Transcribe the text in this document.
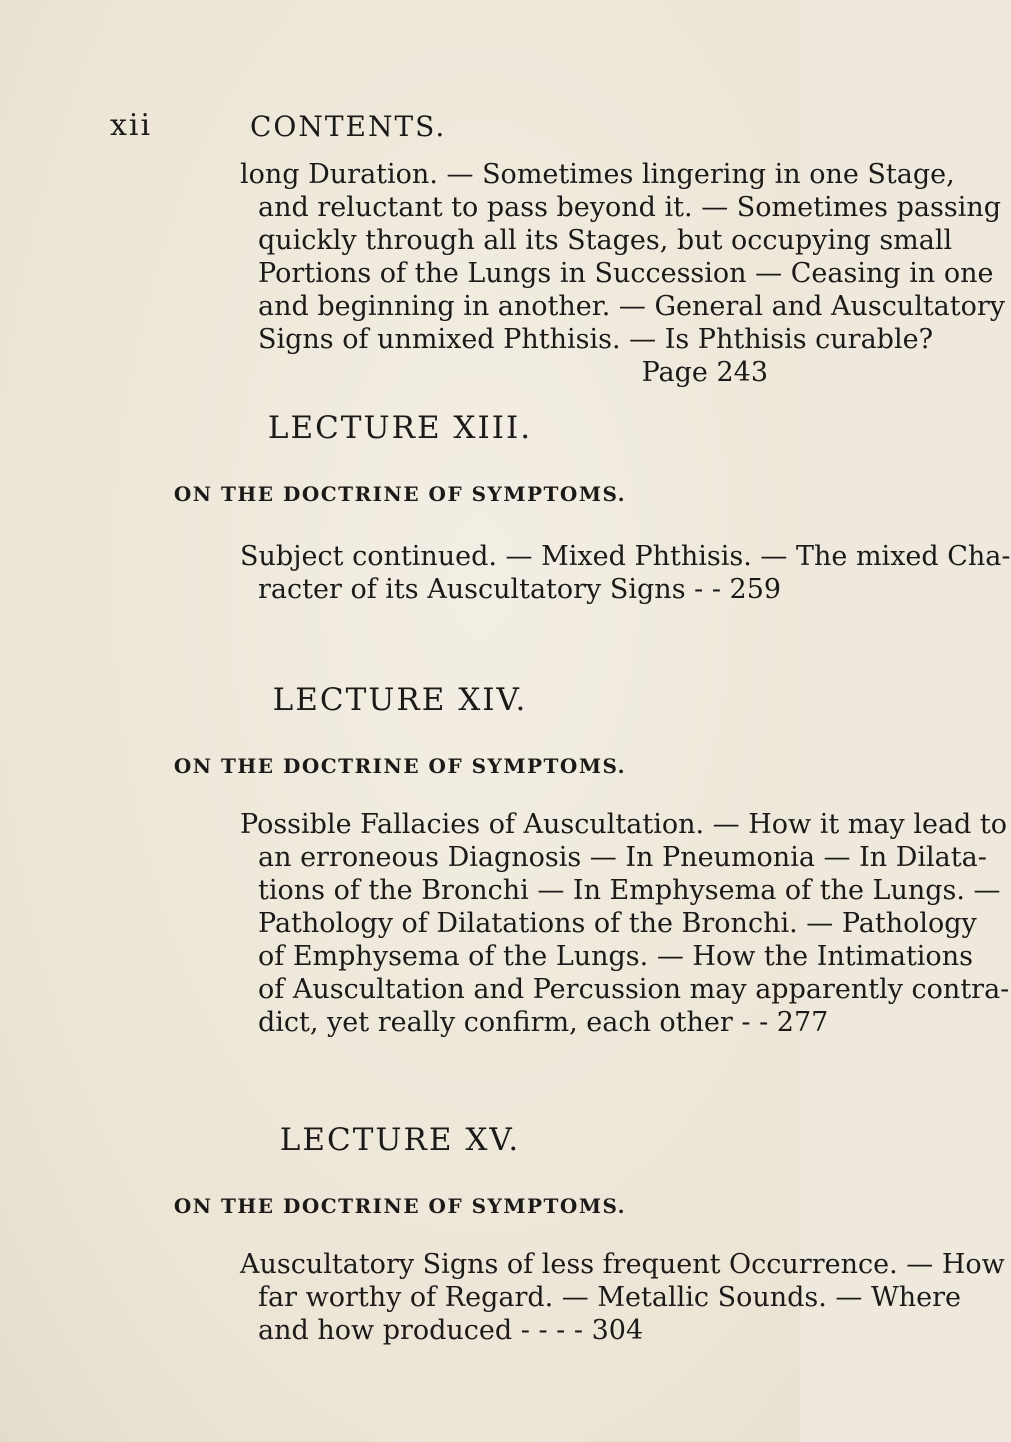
xii	CONTENTS.
long Duration. — Sometimes lingering in one Stage,
and reluctant to pass beyond it. — Sometimes passing
quickly through all its Stages, but occupying small
Portions of the Lungs in Succession — Ceasing in one
and beginning in another. — General and Auscultatory
Signs of unmixed Phthisis. — Is Phthisis curable?
Page 243
LECTURE XIII.
ON THE DOCTRINE OF SYMPTOMS.
Subject continued. — Mixed Phthisis. — The mixed Cha-
racter of its Auscultatory Signs - - 259
LECTURE XIV.
ON THE DOCTRINE OF SYMPTOMS.
Possible Fallacies of Auscultation. — How it may lead to
an erroneous Diagnosis — In Pneumonia — In Dilata-
tions of the Bronchi — In Emphysema of the Lungs. —
Pathology of Dilatations of the Bronchi. — Pathology
of Emphysema of the Lungs. — How the Intimations
of Auscultation and Percussion may apparently contra-
dict, yet really confirm, each other - - 277
LECTURE XV.
ON THE DOCTRINE OF SYMPTOMS.
Auscultatory Signs of less frequent Occurrence. — How
far worthy of Regard. — Metallic Sounds. — Where
and how produced - - - - 304
